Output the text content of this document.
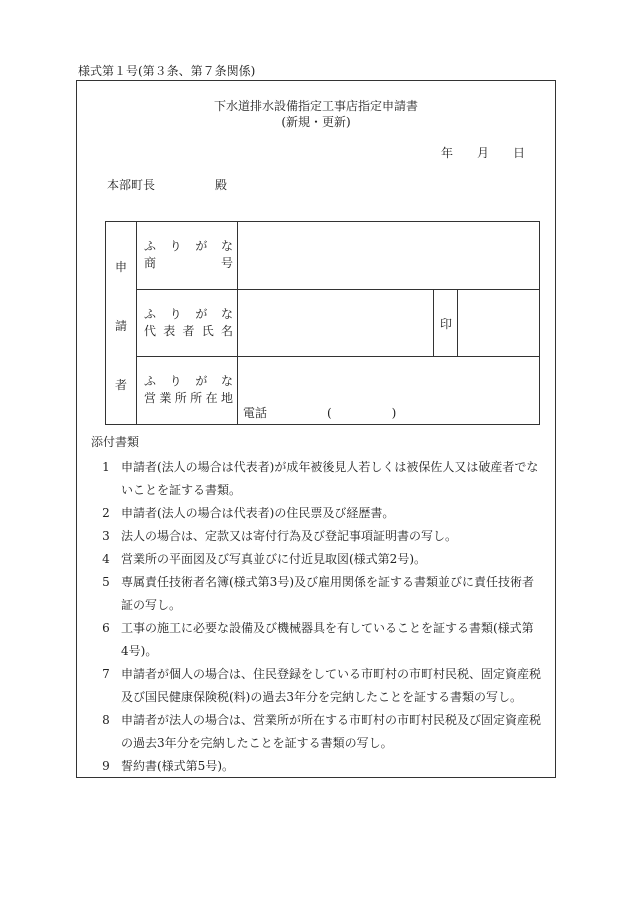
様式第１号(第３条、第７条関係)
下水道排水設備指定工事店指定申請書
(新規・更新)
年　　月　　日
本部町長　　　　　殿
申
請
者
ふ り が な
商	号
ふ り が な
代 表 者 氏 名	印
ふ り が な
営 業 所 所 在 地
電話　　　　　(　　　　　)
添付書類
1 申請者(法人の場合は代表者)が成年被後見人若しくは被保佐人又は破産者でないことを証する書類。
2 申請者(法人の場合は代表者)の住民票及び経歴書。
3 法人の場合は、定款又は寄付行為及び登記事項証明書の写し。
4 営業所の平面図及び写真並びに付近見取図(様式第2号)。
5 専属責任技術者名簿(様式第3号)及び雇用関係を証する書類並びに責任技術者証の写し。
6 工事の施工に必要な設備及び機械器具を有していることを証する書類(様式第4号)。
7 申請者が個人の場合は、住民登録をしている市町村の市町村民税、固定資産税及び国民健康保険税(料)の過去3年分を完納したことを証する書類の写し。
8 申請者が法人の場合は、営業所が所在する市町村の市町村民税及び固定資産税の過去3年分を完納したことを証する書類の写し。
9 誓約書(様式第5号)。
